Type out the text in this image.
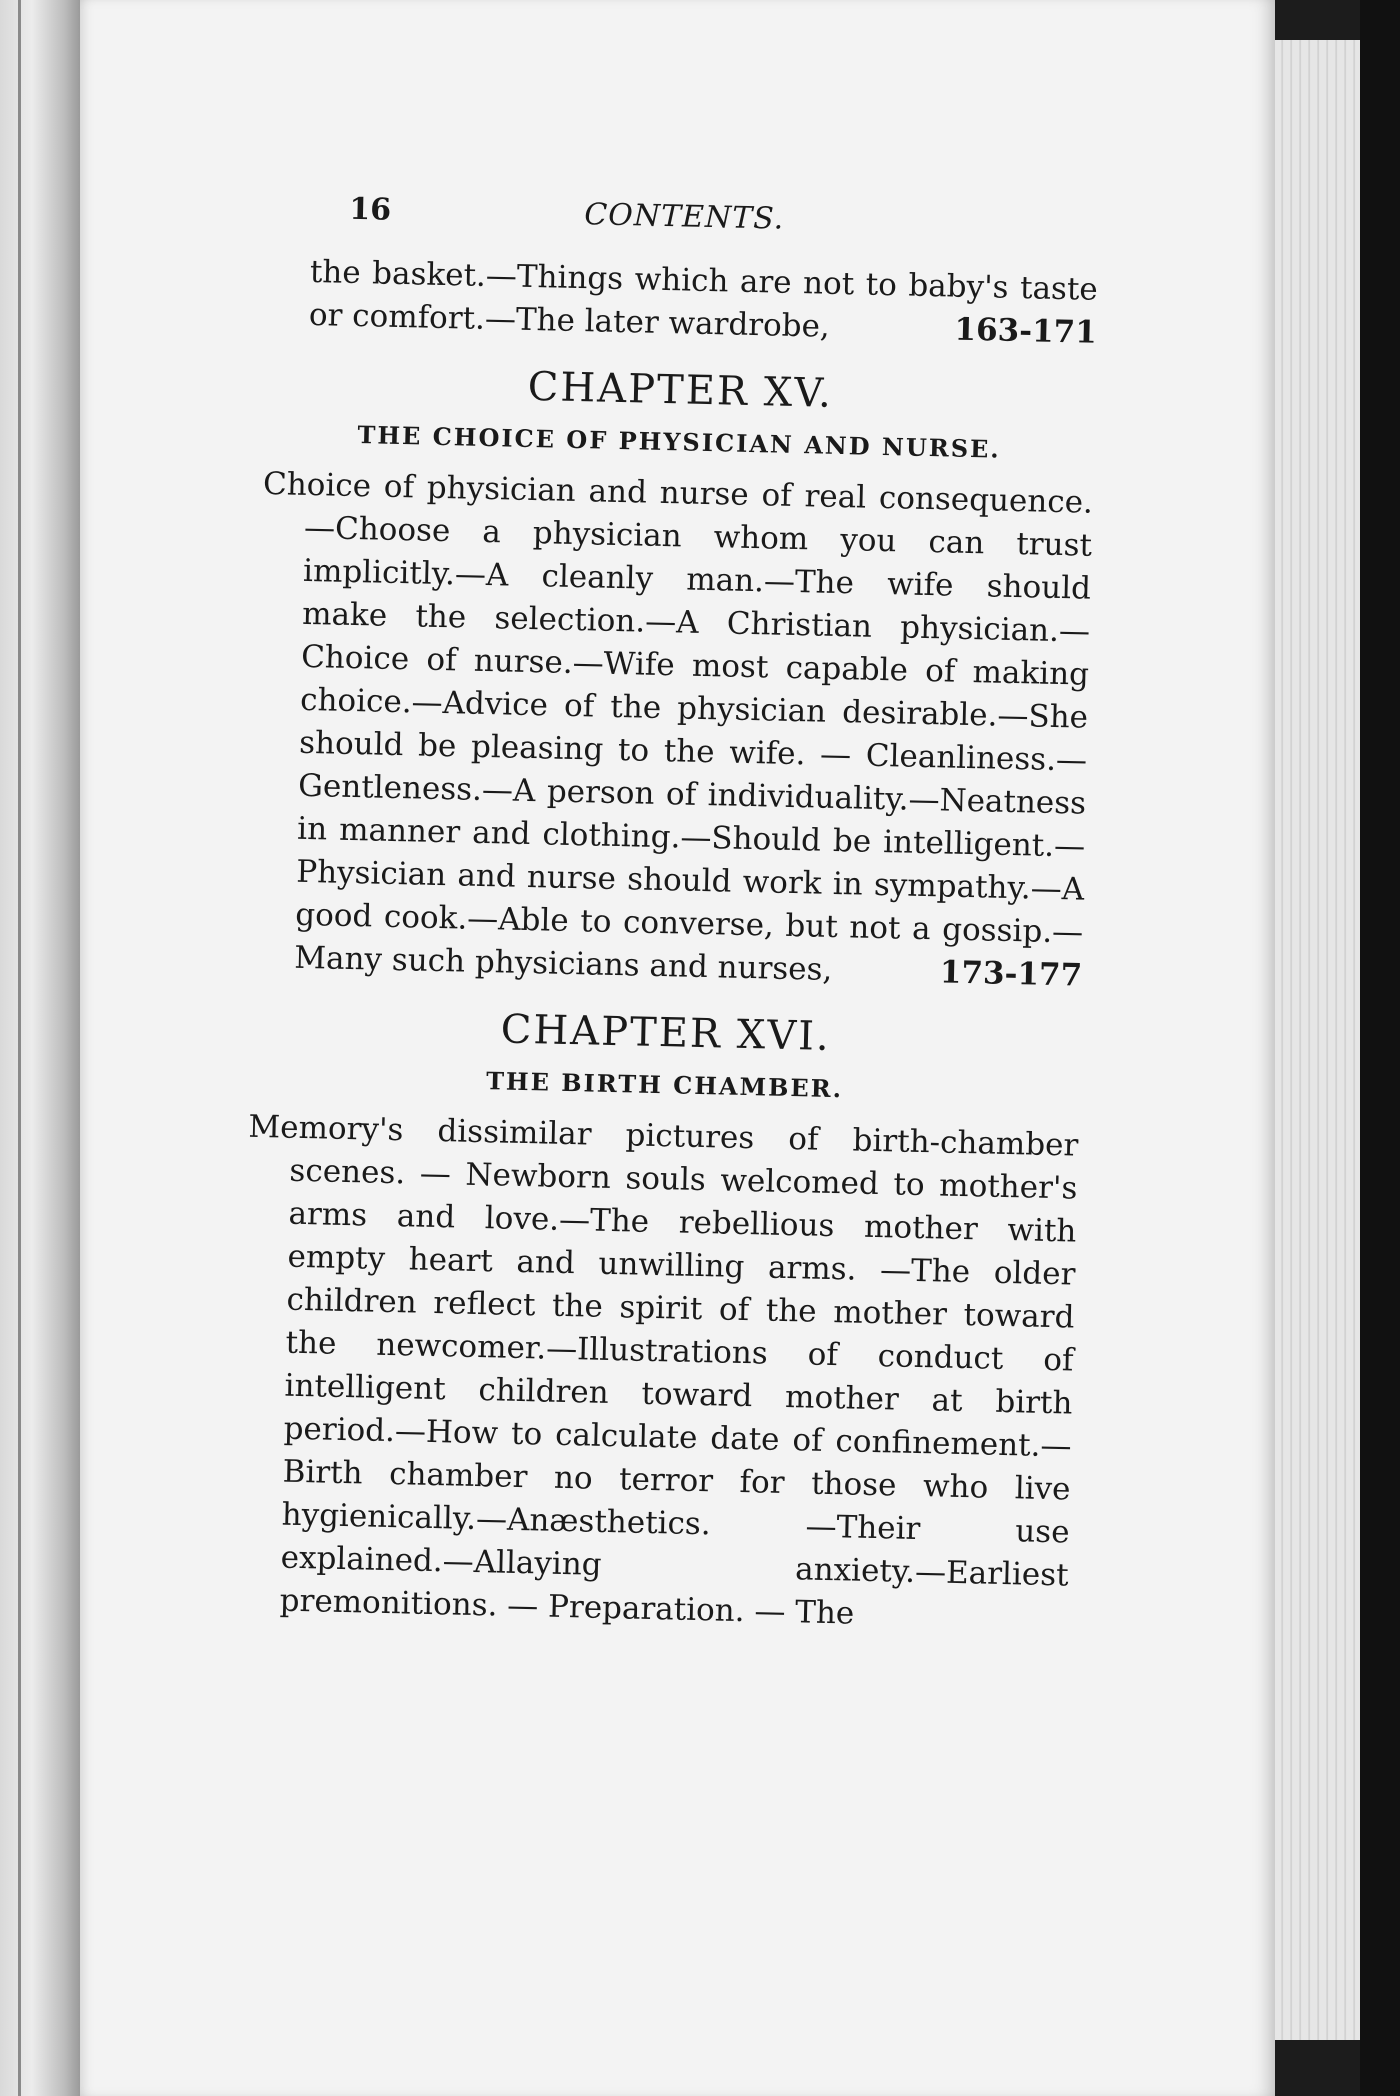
16	CONTENTS.

the basket.—Things which are not to baby's taste or comfort.—The later wardrobe,	163-171

CHAPTER XV.
THE CHOICE OF PHYSICIAN AND NURSE.

Choice of physician and nurse of real consequence.—Choose a physician whom you can trust implicitly.—A cleanly man.—The wife should make the selection.—A Christian physician.—Choice of nurse.—Wife most capable of making choice.—Advice of the physician desirable.—She should be pleasing to the wife. — Cleanliness.—Gentleness.—A person of individuality.—Neatness in manner and clothing.—Should be intelligent.—Physician and nurse should work in sympathy.—A good cook.—Able to converse, but not a gossip.—Many such physicians and nurses,	173-177

CHAPTER XVI.
THE BIRTH CHAMBER.

Memory's dissimilar pictures of birth-chamber scenes. — Newborn souls welcomed to mother's arms and love.—The rebellious mother with empty heart and unwilling arms. —The older children reflect the spirit of the mother toward the newcomer.—Illustrations of conduct of intelligent children toward mother at birth period.—How to calculate date of confinement.—Birth chamber no terror for those who live hygienically.—Anæsthetics. —Their use explained.—Allaying anxiety.—Earliest premonitions. — Preparation. — The
